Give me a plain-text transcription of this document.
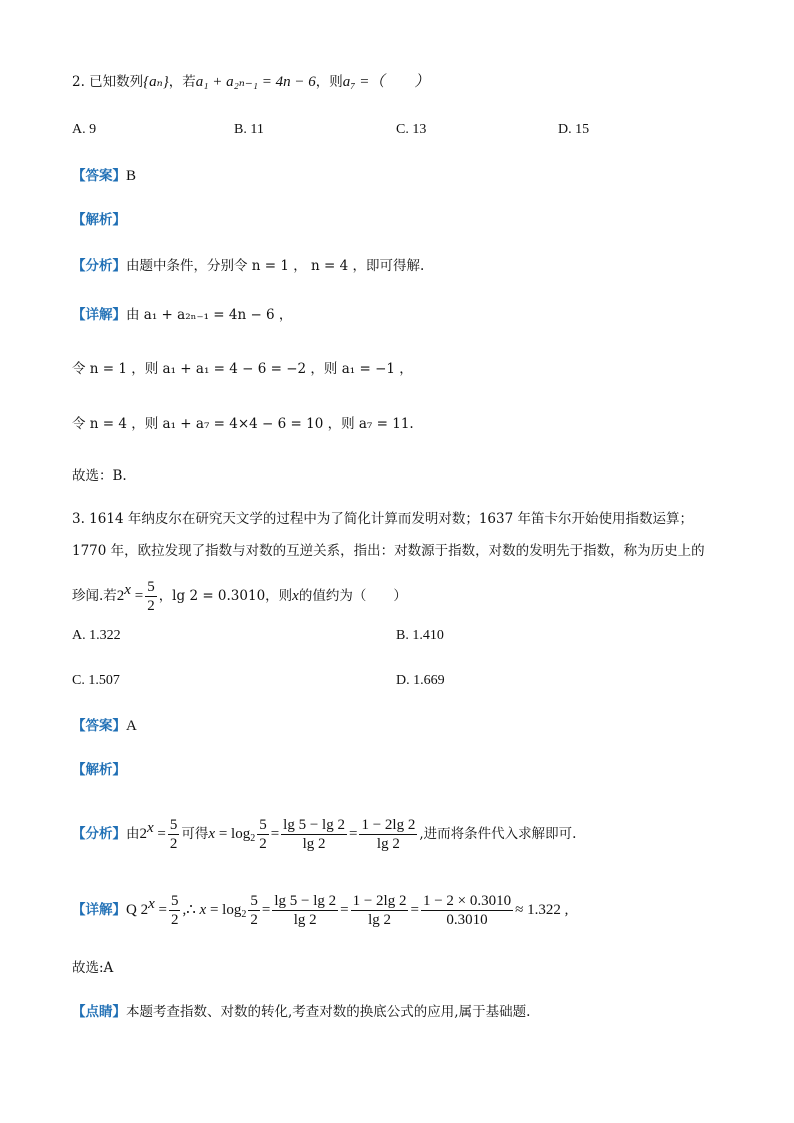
2. 已知数列{aₙ}，若a₁ + a₂ₙ₋₁ = 4n − 6，则a₇ =（　　）
A. 9	B. 11	C. 13	D. 15
【答案】B
【解析】
【分析】由题中条件，分别令 n = 1 ， n = 4 ，即可得解.
【详解】由 a₁ + a₂ₙ₋₁ = 4n − 6 ，
令 n = 1 ，则 a₁ + a₁ = 4 − 6 = −2 ，则 a₁ = −1 ，
令 n = 4 ，则 a₁ + a₇ = 4×4 − 6 = 10 ，则 a₇ = 11.
故选：B.
3. 1614 年纳皮尔在研究天文学的过程中为了简化计算而发明对数；1637 年笛卡尔开始使用指数运算；
1770 年，欧拉发现了指数与对数的互逆关系，指出：对数源于指数，对数的发明先于指数，称为历史上的
珍闻.若$2^x = \frac{5}{2}$ ，lg 2 = 0.3010，则x的值约为（　　）
A. 1.322	B. 1.410
C. 1.507	D. 1.669
【答案】A
【解析】
【分析】由$2^x = \frac{5}{2}$ 可得$x = \log_2 \frac{5}{2} = \frac{\lg 5 - \lg 2}{\lg 2} = \frac{1 - 2\lg 2}{\lg 2}$ ,进而将条件代入求解即可.
【详解】Q $2^x = \frac{5}{2}$ ,∴ $x = \log_2 \frac{5}{2} = \frac{\lg 5 - \lg 2}{\lg 2} = \frac{1 - 2\lg 2}{\lg 2} = \frac{1 - 2 \times 0.3010}{0.3010} \approx 1.322$ ,
故选:A
【点睛】本题考查指数、对数的转化,考查对数的换底公式的应用,属于基础题.
